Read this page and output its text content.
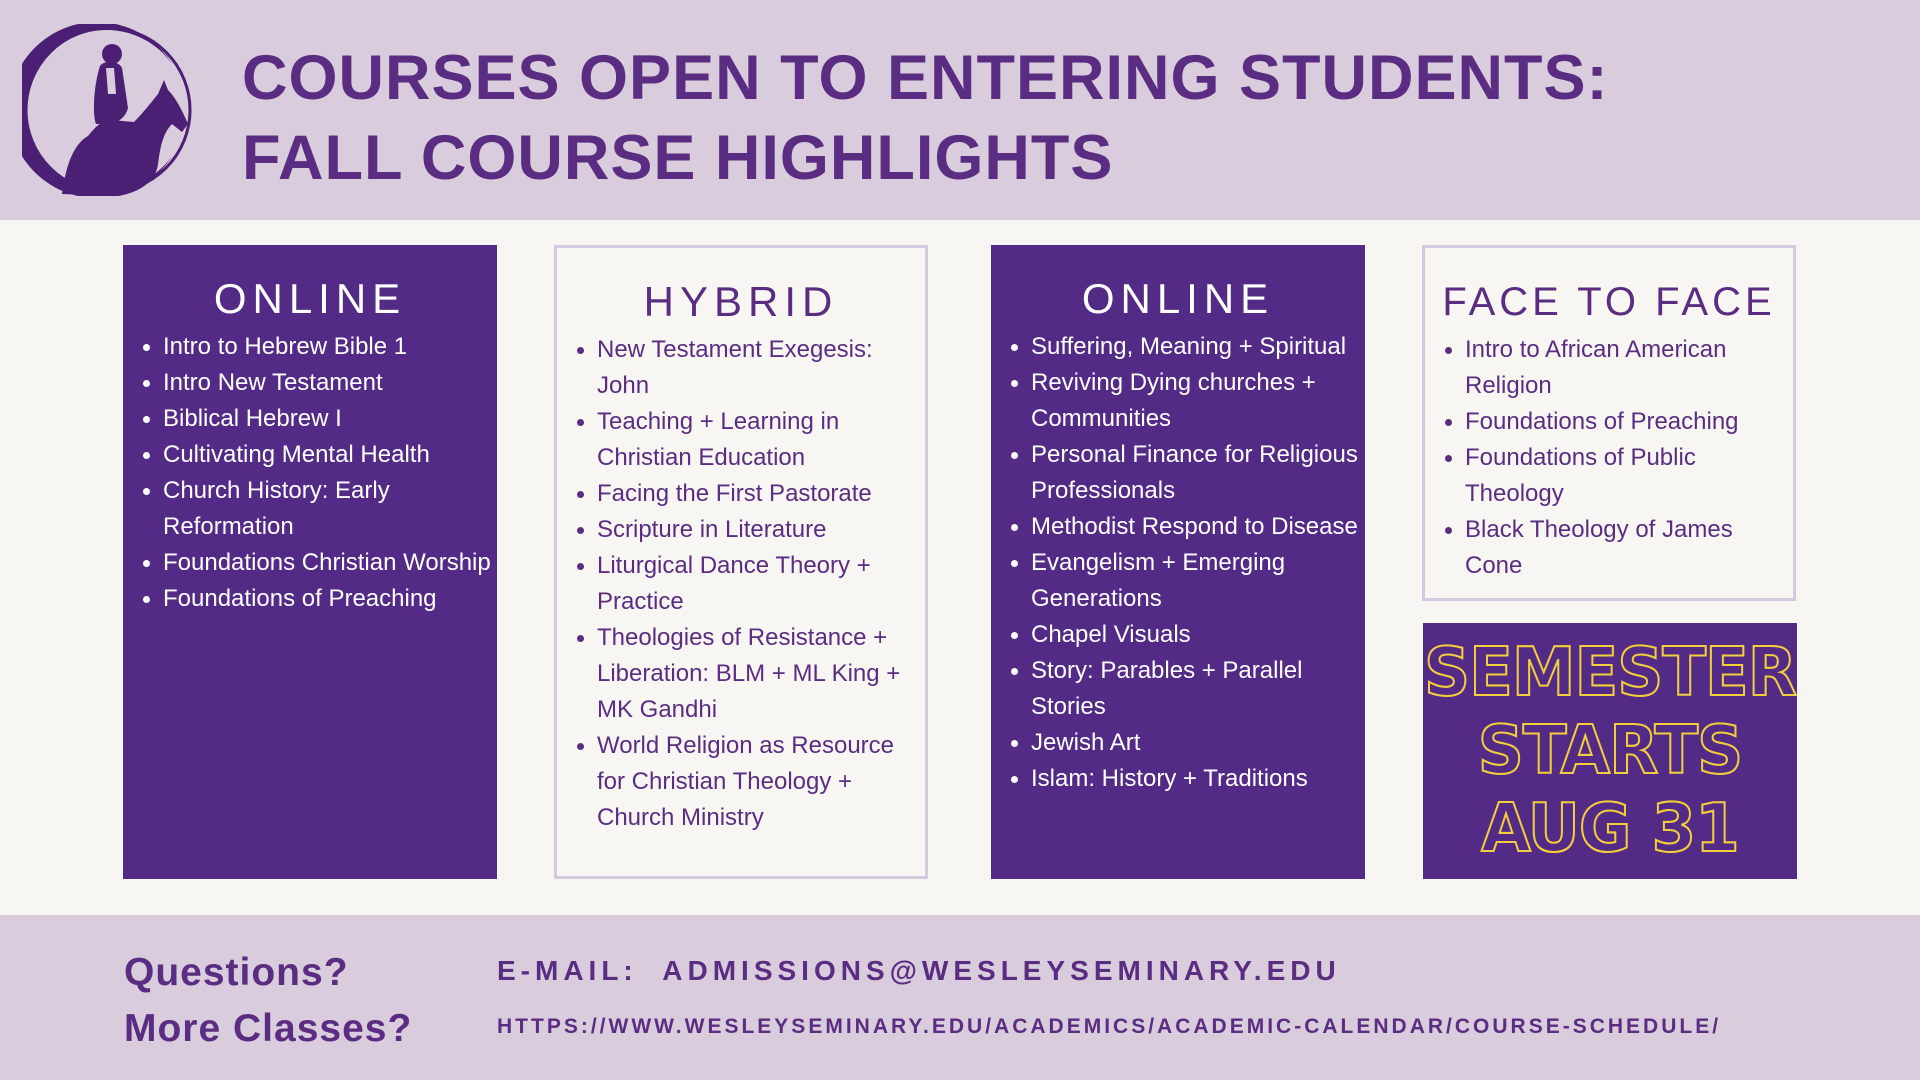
COURSES OPEN TO ENTERING STUDENTS:
FALL COURSE HIGHLIGHTS
ONLINE
Intro to Hebrew Bible 1
Intro New Testament
Biblical Hebrew I
Cultivating Mental Health
Church History: Early Reformation
Foundations Christian Worship
Foundations of Preaching
HYBRID
New Testament Exegesis: John
Teaching + Learning in Christian Education
Facing the First Pastorate
Scripture in Literature
Liturgical Dance Theory + Practice
Theologies of Resistance + Liberation: BLM + ML King + MK Gandhi
World Religion as Resource for Christian Theology + Church Ministry
ONLINE
Suffering, Meaning + Spiritual
Reviving Dying churches + Communities
Personal Finance for Religious Professionals
Methodist Respond to Disease
Evangelism + Emerging Generations
Chapel Visuals
Story: Parables + Parallel Stories
Jewish Art
Islam: History + Traditions
FACE TO FACE
Intro to African American Religion
Foundations of Preaching
Foundations of Public Theology
Black Theology of James Cone
SEMESTER
STARTS
AUG 31
Questions?
More Classes?
E-MAIL:  ADMISSIONS@WESLEYSEMINARY.EDU
HTTPS://WWW.WESLEYSEMINARY.EDU/ACADEMICS/ACADEMIC-CALENDAR/COURSE-SCHEDULE/
